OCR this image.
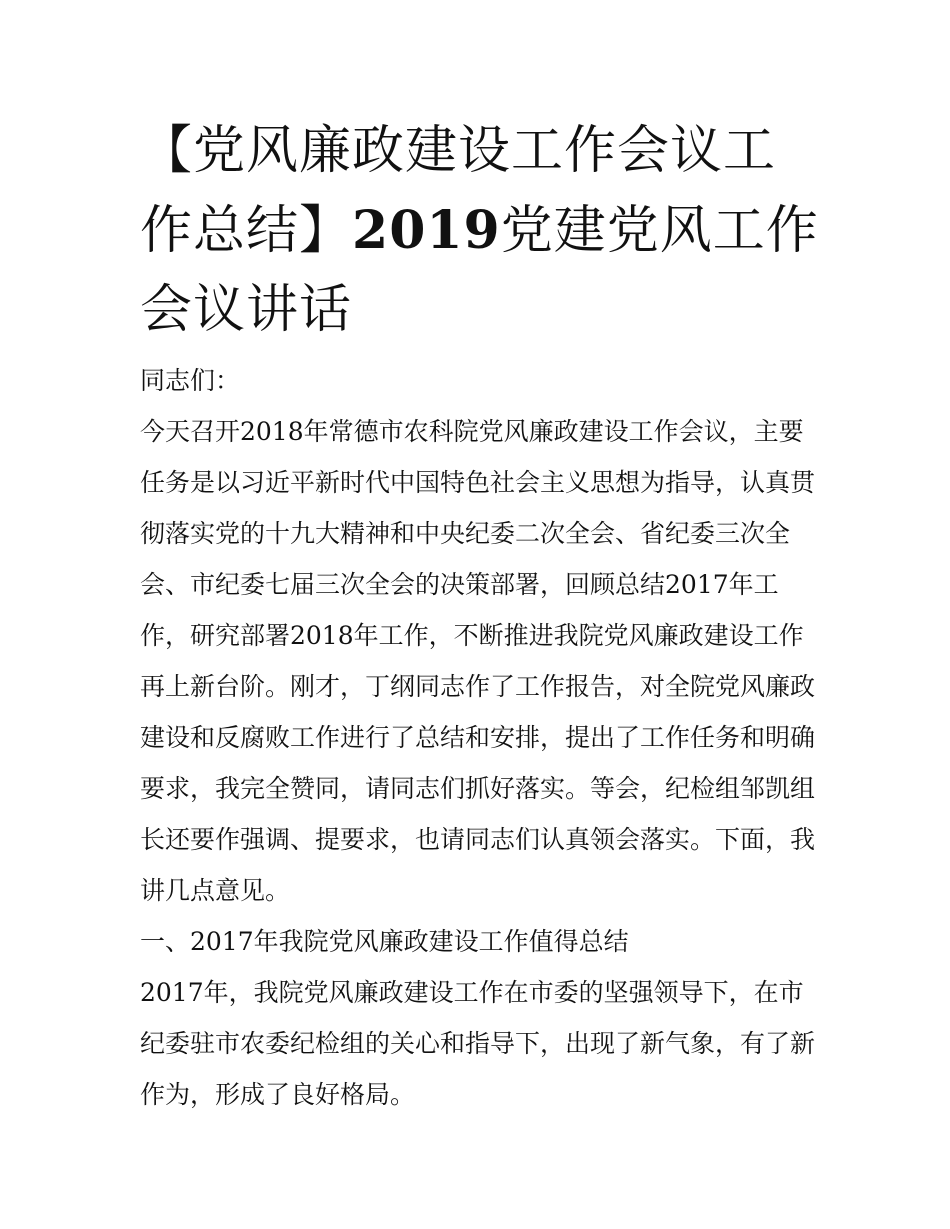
【党风廉政建设工作会议工作总结】2019党建党风工作会议讲话

同志们：

今天召开2018年常德市农科院党风廉政建设工作会议，主要任务是以习近平新时代中国特色社会主义思想为指导，认真贯彻落实党的十九大精神和中央纪委二次全会、省纪委三次全会、市纪委七届三次全会的决策部署，回顾总结2017年工作，研究部署2018年工作，不断推进我院党风廉政建设工作再上新台阶。刚才，丁纲同志作了工作报告，对全院党风廉政建设和反腐败工作进行了总结和安排，提出了工作任务和明确要求，我完全赞同，请同志们抓好落实。等会，纪检组邹凯组长还要作强调、提要求，也请同志们认真领会落实。下面，我讲几点意见。

一、2017年我院党风廉政建设工作值得总结

2017年，我院党风廉政建设工作在市委的坚强领导下，在市纪委驻市农委纪检组的关心和指导下，出现了新气象，有了新作为，形成了良好格局。
